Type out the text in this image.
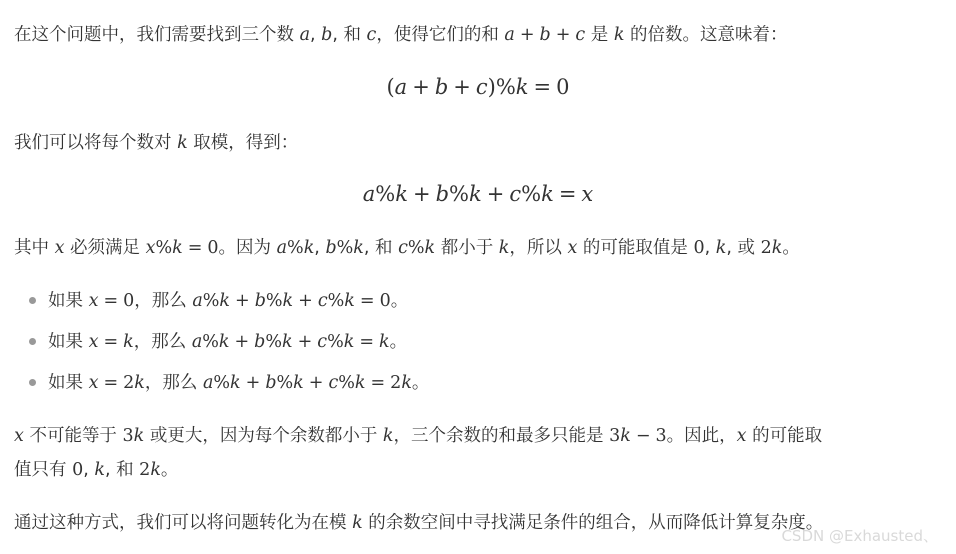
在这个问题中，我们需要找到三个数 a, b, 和 c，使得它们的和 a + b + c 是 k 的倍数。这意味着：
(a + b + c)%k = 0
我们可以将每个数对 k 取模，得到：
a%k + b%k + c%k = x
其中 x 必须满足 x%k = 0。因为 a%k, b%k, 和 c%k 都小于 k，所以 x 的可能取值是 0, k, 或 2k。
如果 x = 0，那么 a%k + b%k + c%k = 0。
如果 x = k，那么 a%k + b%k + c%k = k。
如果 x = 2k，那么 a%k + b%k + c%k = 2k。
x 不可能等于 3k 或更大，因为每个余数都小于 k，三个余数的和最多只能是 3k − 3。因此，x 的可能取
值只有 0, k, 和 2k。
通过这种方式，我们可以将问题转化为在模 k 的余数空间中寻找满足条件的组合，从而降低计算复杂度。
CSDN @Exhausted、
